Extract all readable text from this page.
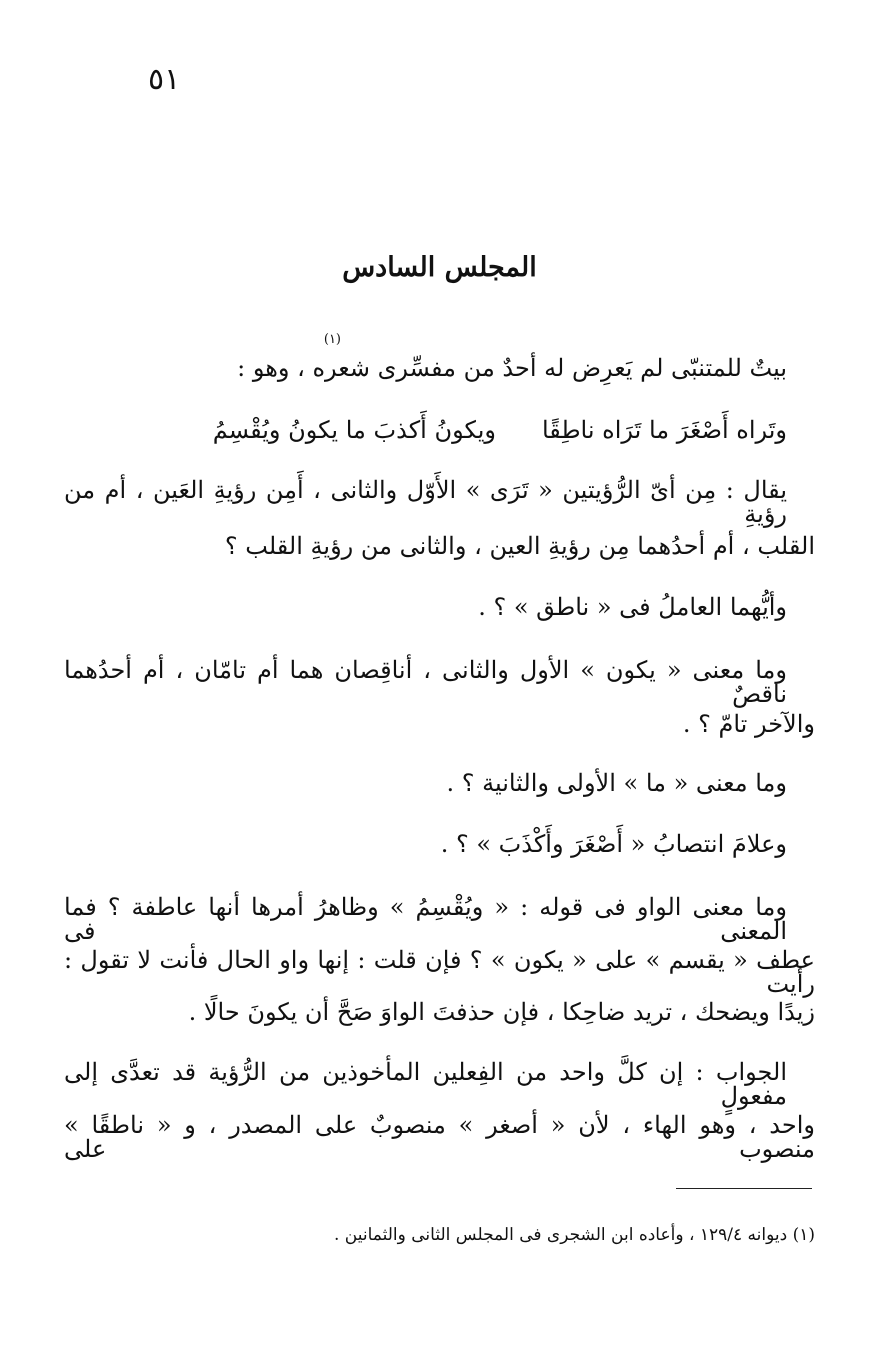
٥١
المجلس السادس
(١)
بيتٌ للمتنبّى لم يَعرِض له أحدٌ من مفسِّرى شعره ، وهو :
وتَراه أَصْغَرَ ما تَرَاه ناطِقًاويكونُ أَكذبَ ما يكونُ ويُقْسِمُ
يقال : مِن أىّ الرُّؤيتين « تَرَى » الأَوّل والثانى ، أَمِن رؤيةِ العَين ، أم من رؤيةِ
القلب ، أم أحدُهما مِن رؤيةِ العين ، والثانى من رؤيةِ القلب ؟
وأيُّهما العاملُ فى « ناطق » ؟ .
وما معنى « يكون » الأول والثانى ، أناقِصان هما أم تامّان ، أم أحدُهما ناقصٌ
والآخر تامّ ؟ .
وما معنى « ما » الأولى والثانية ؟ .
وعلامَ انتصابُ « أَصْغَرَ وأَكْذَبَ » ؟ .
وما معنى الواو فى قوله : « ويُقْسِمُ » وظاهرُ أمرها أنها عاطفة ؟ فما المعنى فى
عطف « يقسم » على « يكون » ؟ فإن قلت : إنها واو الحال فأنت لا تقول : رأيت
زيدًا ويضحك ، تريد ضاحِكا ، فإن حذفتَ الواوَ صَحَّ أن يكونَ حالًا .
الجواب : إن كلَّ واحد من الفِعلين المأخوذين من الرُّؤية قد تعدَّى إلى مفعولٍ
واحد ، وهو الهاء ، لأن « أصغر » منصوبٌ على المصدر ، و « ناطقًا » منصوب على
(١) ديوانه ١٢٩/٤ ، وأعاده ابن الشجرى فى المجلس الثانى والثمانين .
